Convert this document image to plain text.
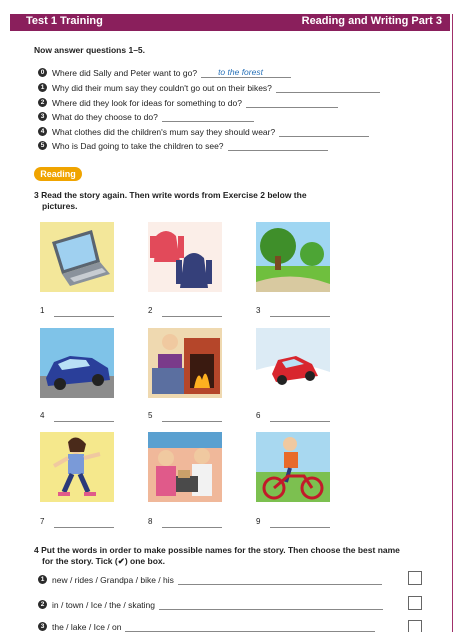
Test 1 Training	Reading and Writing Part 3
Now answer questions 1–5.
0 Where did Sally and Peter want to go? to the forest
1 Why did their mum say they couldn't go out on their bikes?
2 Where did they look for ideas for something to do?
3 What do they choose to do?
4 What clothes did the children's mum say they should wear?
5 Who is Dad going to take the children to see?
Reading
3 Read the story again. Then write words from Exercise 2 below the
pictures.
1	2	3
4	5	6
7	8	9
4 Put the words in order to make possible names for the story. Then choose the best name
for the story. Tick (✔) one box.
1 new / rides / Grandpa / bike / his
2 in / town / Ice / the / skating
3 the / lake / Ice / on
